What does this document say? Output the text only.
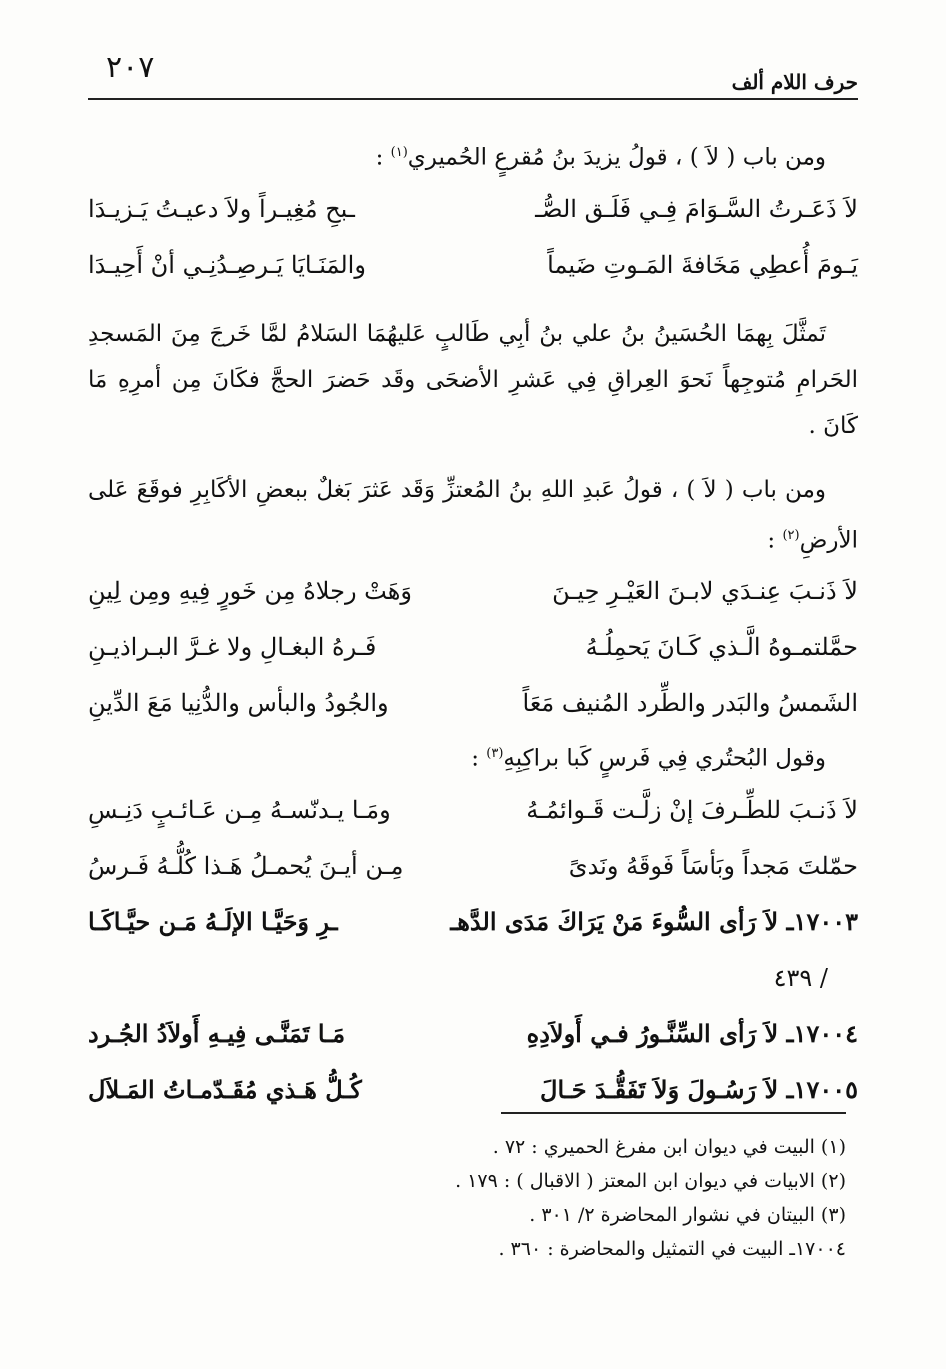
٢٠٧	حرف اللام ألف

ومن باب ( لاَ ) ، قولُ يزيدَ بنُ مُقرعٍ الحُميري$^{(١)}$ :

لاَ ذَعَـرتُ السَّـوَامَ فِـي فَلَـق الصُّـ
ـبحِ مُغِيـراً ولاَ دعيـتُ يَـزيـدَا
يَـومَ أُعطِي مَخَافةَ المَـوتِ ضَيماً
والمَنَـايَا يَـرصِـدُنِـي أنْ أَحِيـدَا

تَمثَّلَ بِهمَا الحُسَينُ بنُ علي بنُ أبِي طَالبٍ عَليهُمَا السَلامُ لمَّا خَرجَ مِنَ المَسجدِ الحَرامِ مُتوجِهاً نَحوَ العِراقِ فِي عَشرِ الأضحَى وقَد حَضرَ الحجَّ فكَانَ مِن أمرِهِ مَا كَانَ .

ومن باب ( لاَ ) ، قولُ عَبدِ اللهِ بنُ المُعتزِّ وَقَد عَثرَ بَغلٌ ببعضِ الأكَابِرِ فوقَعَ عَلى الأرضِ$^{(٢)}$ :

لاَ ذَنـبَ عِنـدَي لابـنَ العَيْـرِ حِيـنَ
وَهَتْ رجلاهُ مِن خَورٍ فِيهِ ومِن لِينِ
حمَّلتمـوهُ الَّـذي كَـانَ يَحمِلُـهُ
فَـرهُ البغـالِ ولا غـرَّ البـراذيـنِ
الشَمسُ والبَدر والطِّرد المُنيف مَعَاً
والجُودُ والبأس والدُّنِيا مَعَ الدِّينِ

وقول البُحتُري فِي فَرسٍ كَبا براكِبِهِ$^{(٣)}$ :

لاَ ذَنـبَ للطِّـرفَ إنْ زلَّـت قَـوائمُـهُ
ومَـا يـدنّسـهُ مِـن عَـائـبٍ دَنِـسِ
حمّلتَ مَجداً وبَأسَاً فَوقَهُ ونَدىً
مِـن أيـنَ يُحمـلُ هَـذا كُلُّـهُ فَـرسُ
١٧٠٠٣ـ لاَ رَأى السُّوءَ مَنْ يَرَاكَ مَدَى الدَّهـ
ـرِ وَحَيَّـا الإلَـهُ مَـن حيَّـاكَـا
/ ٤٣٩
١٧٠٠٤ـ لاَ رَأى السِّنَّـورُ فـي أَولاَدِهِ
مَـا تَمَنَّـى فِيـهِ أَولاَدُ الجُـرد
١٧٠٠٥ـ لاَ رَسُـولَ وَلاَ تَفَقُّـدَ حَـالَ
كُـلُّ هَـذي مُقَـدّمـاتُ المَـلاَل
(١) البيت في ديوان ابن مفرغ الحميري : ٧٢ .
(٢) الابيات في ديوان ابن المعتز ( الاقبال ) : ١٧٩ .
(٣) البيتان في نشوار المحاضرة ٢/ ٣٠١ .
١٧٠٠٤ـ البيت في التمثيل والمحاضرة : ٣٦٠ .
